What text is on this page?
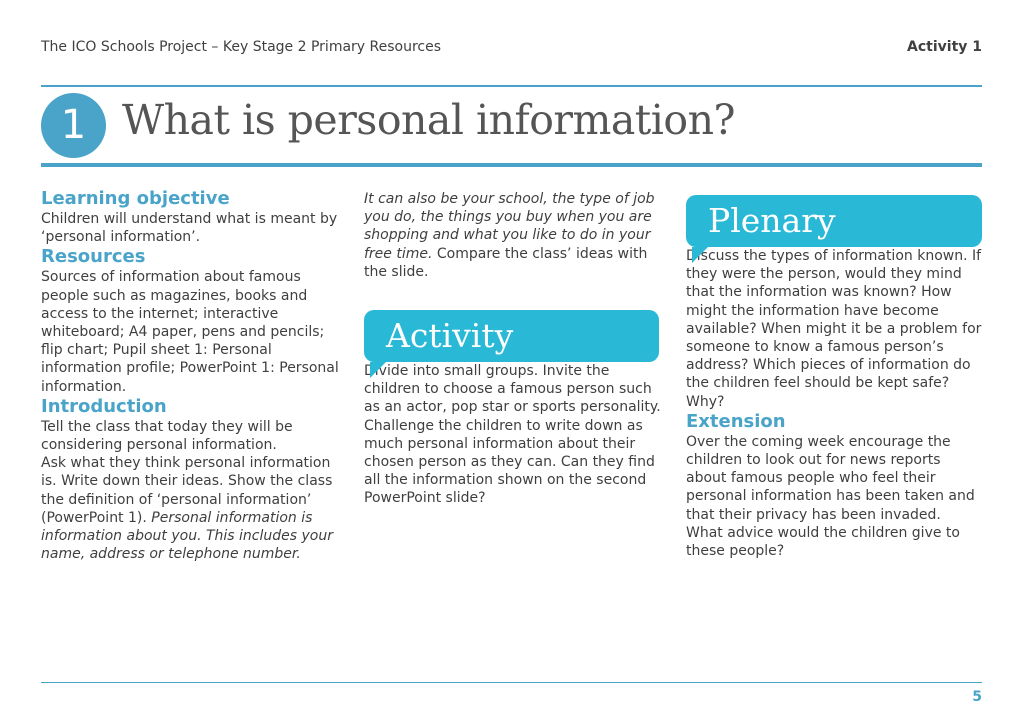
The ICO Schools Project – Key Stage 2 Primary Resources	Activity 1
1 What is personal information?

Learning objective

Children will understand what is meant by ‘personal information’.

Resources

Sources of information about famous people such as magazines, books and access to the internet; interactive whiteboard; A4 paper, pens and pencils; flip chart; Pupil sheet 1: Personal information profile; PowerPoint 1: Personal information.

Introduction

Tell the class that today they will be considering personal information.

Ask what they think personal information is. Write down their ideas. Show the class the definition of ‘personal information’ (PowerPoint 1). Personal information is information about you. This includes your name, address or telephone number.

It can also be your school, the type of job you do, the things you buy when you are shopping and what you like to do in your free time. Compare the class’ ideas with the slide.

Activity

Divide into small groups. Invite the children to choose a famous person such as an actor, pop star or sports personality. Challenge the children to write down as much personal information about their chosen person as they can. Can they find all the information shown on the second PowerPoint slide?

Plenary

Discuss the types of information known. If they were the person, would they mind that the information was known? How might the information have become available? When might it be a problem for someone to know a famous person’s address? Which pieces of information do the children feel should be kept safe? Why?

Extension

Over the coming week encourage the children to look out for news reports about famous people who feel their personal information has been taken and that their privacy has been invaded. What advice would the children give to these people?

5
